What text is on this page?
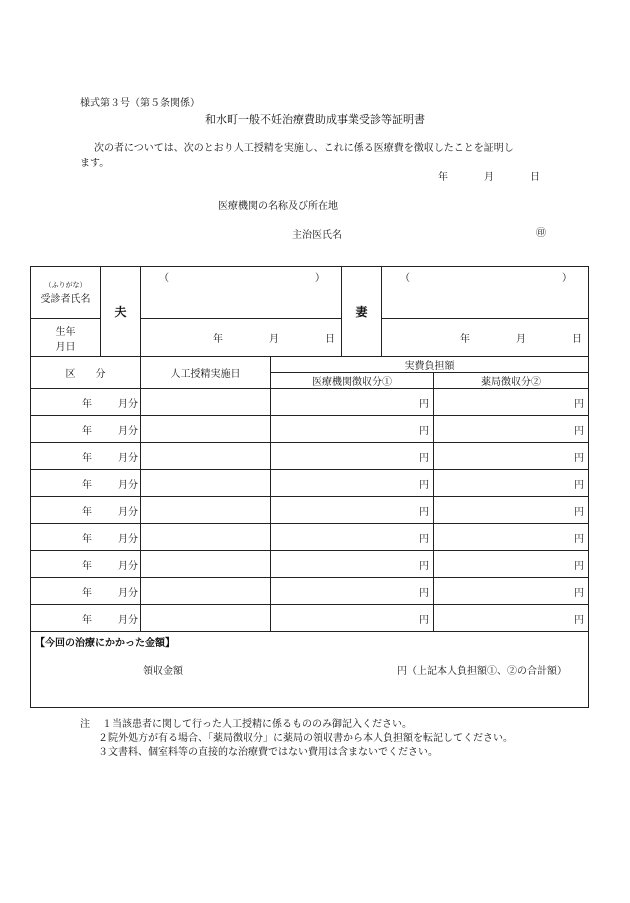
様式第３号（第５条関係）
和水町一般不妊治療費助成事業受診等証明書
次の者については、次のとおり人工授精を実施し、これに係る医療費を徴収したことを証明し
ます。
年	月	日
医療機関の名称及び所在地
主治医氏名	㊞
（ふりがな）
受診者氏名	夫	（ ）	妻	（ ）

生年
月日		年 月 日		年 月 日
区　　分	人工授精実施日	実費負担額	
		医療機関徴収分①	薬局徴収分②

年 月分		円	円

年 月分		円	円

年 月分		円	円

年 月分		円	円

年 月分		円	円

年 月分		円	円

年 月分		円	円

年 月分		円	円

年 月分		円	円

【今回の治療にかかった金額】
領収金額 円（上記本人負担額①、②の合計額）			
注 １当該患者に関して行った人工授精に係るもののみ御記入ください。
２院外処方が有る場合、「薬局徴収分」に薬局の領収書から本人負担額を転記してください。
３文書料、個室料等の直接的な治療費ではない費用は含まないでください。
